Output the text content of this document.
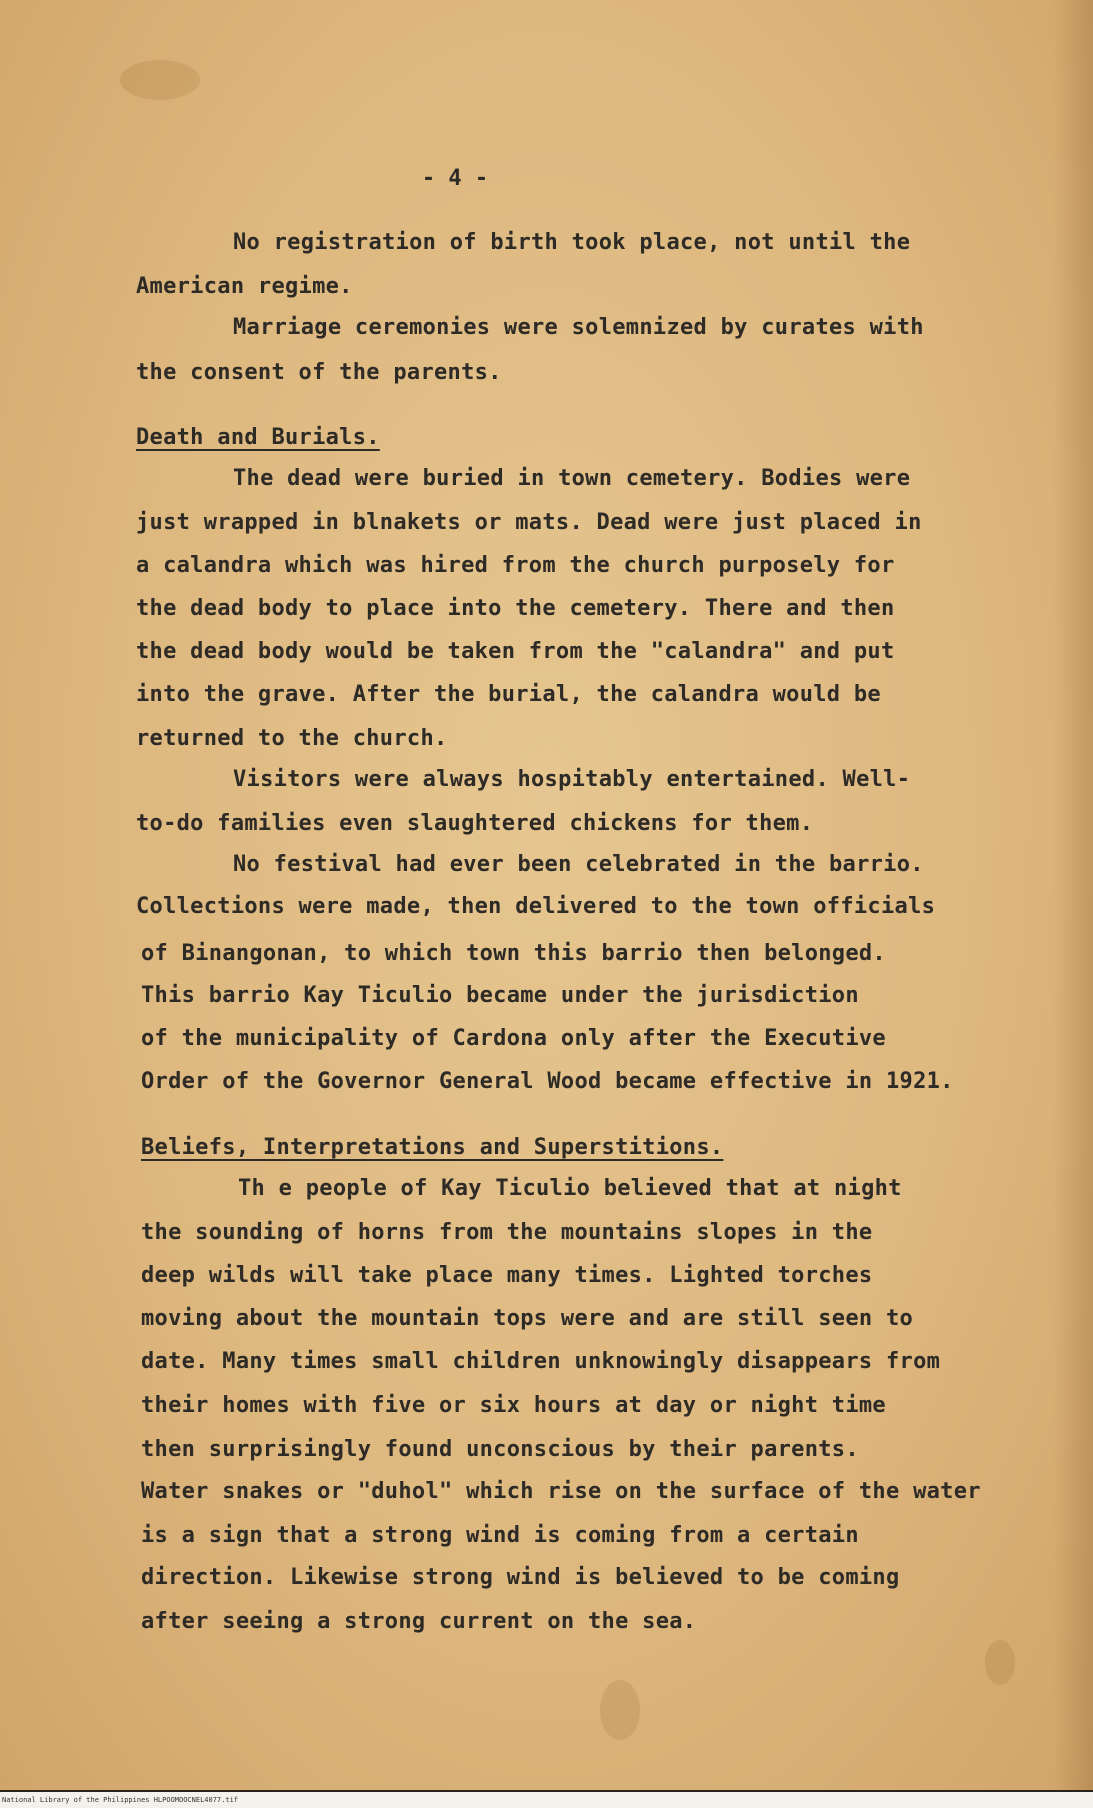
- 4 -
No registration of birth took place, not until the
American regime.
Marriage ceremonies were solemnized by curates with
the consent of the parents.
Death and Burials.
The dead were buried in town cemetery. Bodies were
just wrapped in blnakets or mats. Dead were just placed in
a calandra which was hired from the church purposely for
the dead body to place into the cemetery. There and then
the dead body would be taken from the "calandra" and put
into the grave. After the burial, the calandra would be
returned to the church.
Visitors were always hospitably entertained. Well-
to-do families even slaughtered chickens for them.
No festival had ever been celebrated in the barrio.
Collections were made, then delivered to the town officials
of Binangonan, to which town this barrio then belonged.
This barrio Kay Ticulio became under the jurisdiction
of the municipality of Cardona only after the Executive
Order of the Governor General Wood became effective in 1921.
Beliefs, Interpretations and Superstitions.
Th e people of Kay Ticulio believed that at night
the sounding of horns from the mountains slopes in the
deep wilds will take place many times. Lighted torches
moving about the mountain tops were and are still seen to
date. Many times small children unknowingly disappears from
their homes with five or six hours at day or night time
then surprisingly found unconscious by their parents.
Water snakes or "duhol" which rise on the surface of the water
is a sign that a strong wind is coming from a certain
direction. Likewise strong wind is believed to be coming
after seeing a strong current on the sea.
National Library of the Philippines HLPOOMOOCNEL4077.tif
